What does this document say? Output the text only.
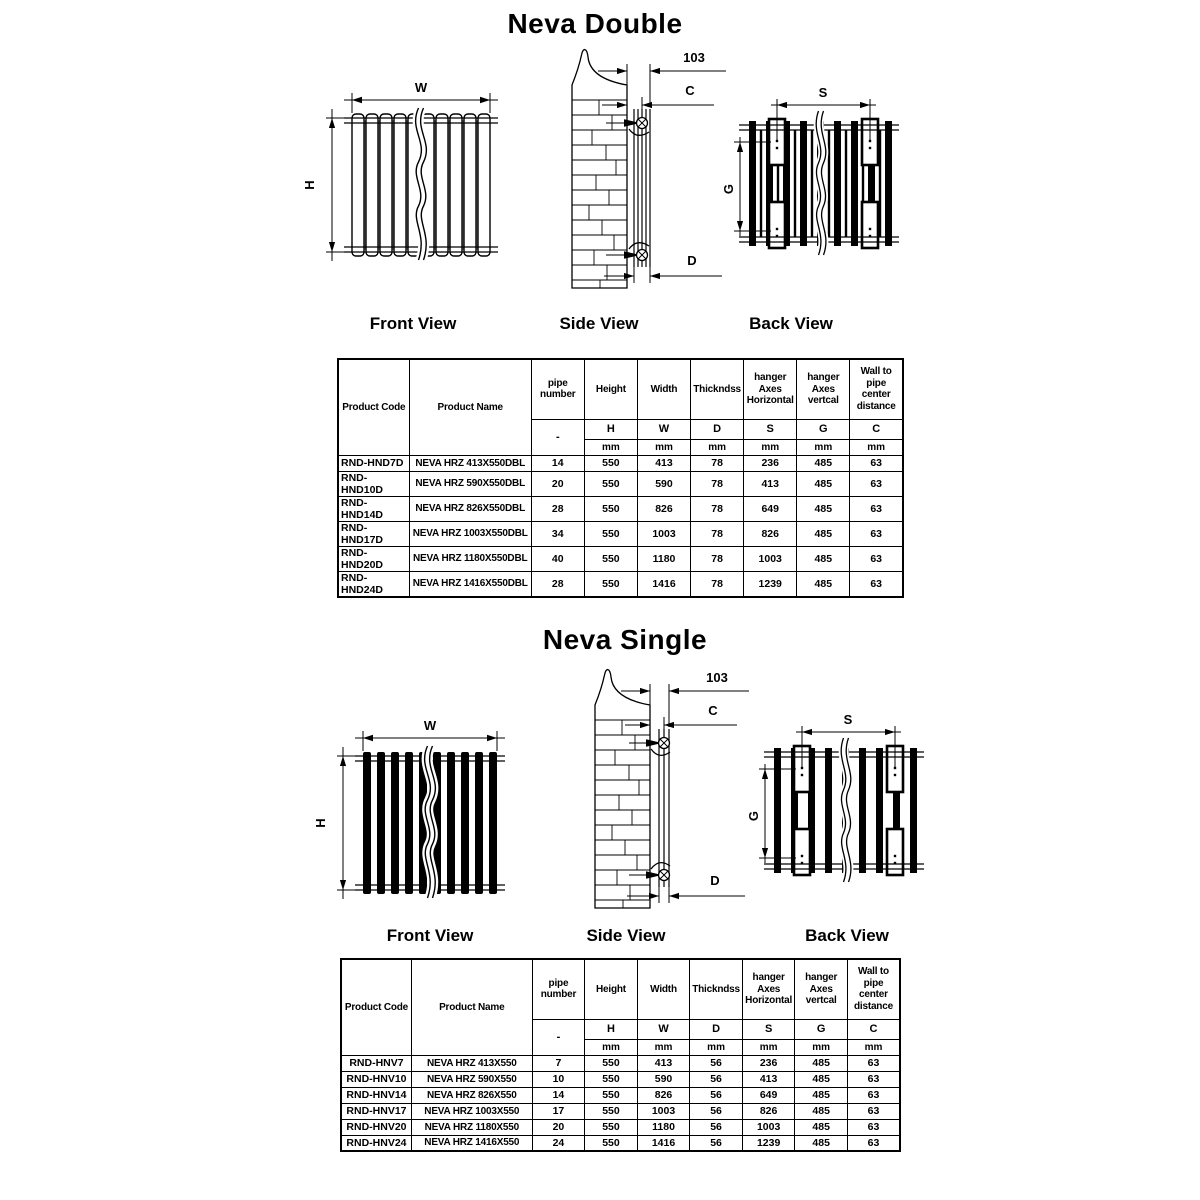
Neva Double
W
H
103
C
D
S
G
Front View	Side View	Back View
Product Code	Product Name	pipe number	Height	Width	Thickndss	hanger Axes Horizontal	hanger Axes vertcal	Wall to pipe center distance
		-	H	W	D	S	G	C
			mm	mm	mm	mm	mm	mm
RND-HND7D	NEVA HRZ 413X550DBL	14	550	413	78	236	485	63
RND-HND10D	NEVA HRZ 590X550DBL	20	550	590	78	413	485	63
RND-HND14D	NEVA HRZ 826X550DBL	28	550	826	78	649	485	63
RND-HND17D	NEVA HRZ 1003X550DBL	34	550	1003	78	826	485	63
RND-HND20D	NEVA HRZ 1180X550DBL	40	550	1180	78	1003	485	63
RND-HND24D	NEVA HRZ 1416X550DBL	28	550	1416	78	1239	485	63
Neva Single
W
H
103
C
D
S
G
Front View	Side View	Back View
Product Code	Product Name	pipe number	Height	Width	Thickndss	hanger Axes Horizontal	hanger Axes vertcal	Wall to pipe center distance
		-	H	W	D	S	G	C
			mm	mm	mm	mm	mm	mm
RND-HNV7	NEVA HRZ 413X550	7	550	413	56	236	485	63
RND-HNV10	NEVA HRZ 590X550	10	550	590	56	413	485	63
RND-HNV14	NEVA HRZ 826X550	14	550	826	56	649	485	63
RND-HNV17	NEVA HRZ 1003X550	17	550	1003	56	826	485	63
RND-HNV20	NEVA HRZ 1180X550	20	550	1180	56	1003	485	63
RND-HNV24	NEVA HRZ 1416X550	24	550	1416	56	1239	485	63
